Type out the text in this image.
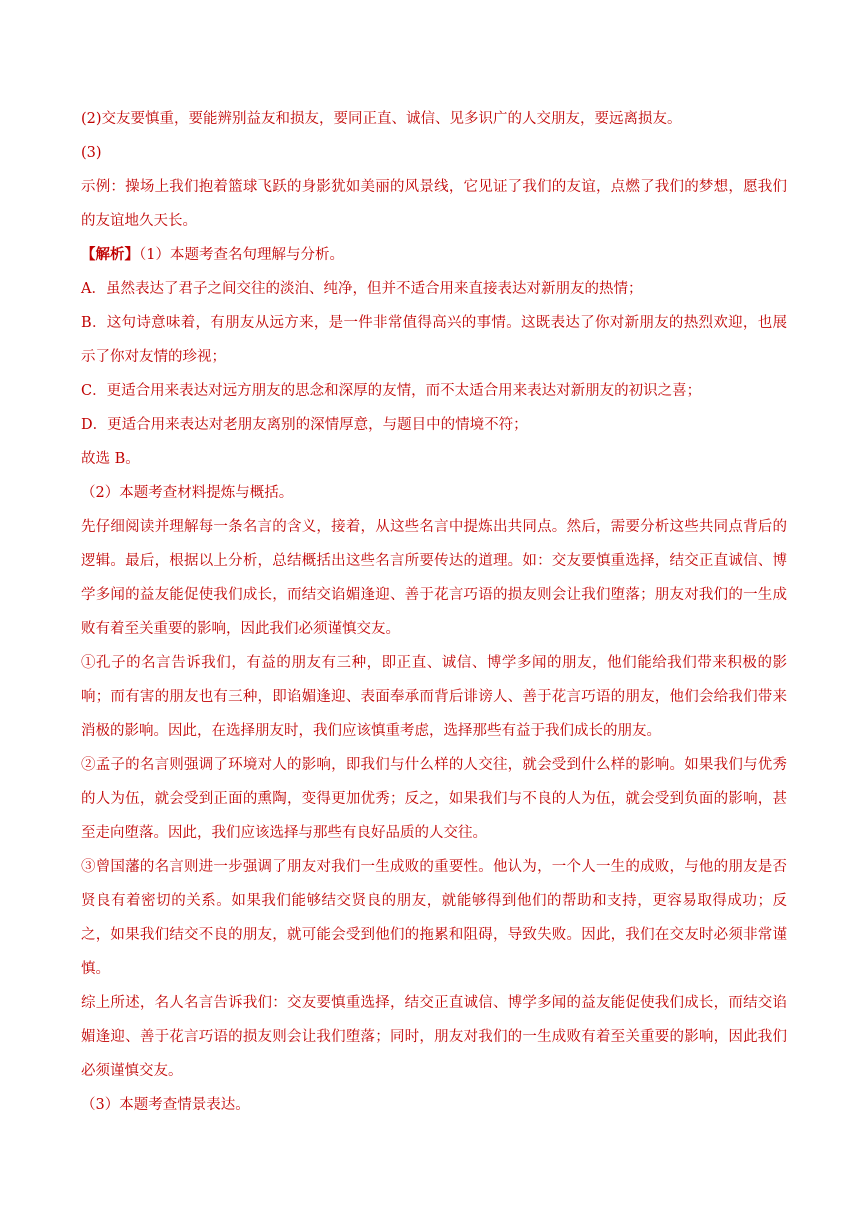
(2)交友要慎重，要能辨别益友和损友，要同正直、诚信、见多识广的人交朋友，要远离损友。
(3)
示例：操场上我们抱着篮球飞跃的身影犹如美丽的风景线，它见证了我们的友谊，点燃了我们的梦想，愿我们的友谊地久天长。
【解析】（1）本题考查名句理解与分析。
A．虽然表达了君子之间交往的淡泊、纯净，但并不适合用来直接表达对新朋友的热情；
B．这句诗意味着，有朋友从远方来，是一件非常值得高兴的事情。这既表达了你对新朋友的热烈欢迎，也展示了你对友情的珍视；
C．更适合用来表达对远方朋友的思念和深厚的友情，而不太适合用来表达对新朋友的初识之喜；
D．更适合用来表达对老朋友离别的深情厚意，与题目中的情境不符；
故选 B。
（2）本题考查材料提炼与概括。
先仔细阅读并理解每一条名言的含义，接着，从这些名言中提炼出共同点。然后，需要分析这些共同点背后的逻辑。最后，根据以上分析，总结概括出这些名言所要传达的道理。如：交友要慎重选择，结交正直诚信、博学多闻的益友能促使我们成长，而结交谄媚逢迎、善于花言巧语的损友则会让我们堕落；朋友对我们的一生成败有着至关重要的影响，因此我们必须谨慎交友。
①孔子的名言告诉我们，有益的朋友有三种，即正直、诚信、博学多闻的朋友，他们能给我们带来积极的影响；而有害的朋友也有三种，即谄媚逢迎、表面奉承而背后诽谤人、善于花言巧语的朋友，他们会给我们带来消极的影响。因此，在选择朋友时，我们应该慎重考虑，选择那些有益于我们成长的朋友。
②孟子的名言则强调了环境对人的影响，即我们与什么样的人交往，就会受到什么样的影响。如果我们与优秀的人为伍，就会受到正面的熏陶，变得更加优秀；反之，如果我们与不良的人为伍，就会受到负面的影响，甚至走向堕落。因此，我们应该选择与那些有良好品质的人交往。
③曾国藩的名言则进一步强调了朋友对我们一生成败的重要性。他认为，一个人一生的成败，与他的朋友是否贤良有着密切的关系。如果我们能够结交贤良的朋友，就能够得到他们的帮助和支持，更容易取得成功；反之，如果我们结交不良的朋友，就可能会受到他们的拖累和阻碍，导致失败。因此，我们在交友时必须非常谨慎。
综上所述，名人名言告诉我们：交友要慎重选择，结交正直诚信、博学多闻的益友能促使我们成长，而结交谄媚逢迎、善于花言巧语的损友则会让我们堕落；同时，朋友对我们的一生成败有着至关重要的影响，因此我们必须谨慎交友。
（3）本题考查情景表达。
